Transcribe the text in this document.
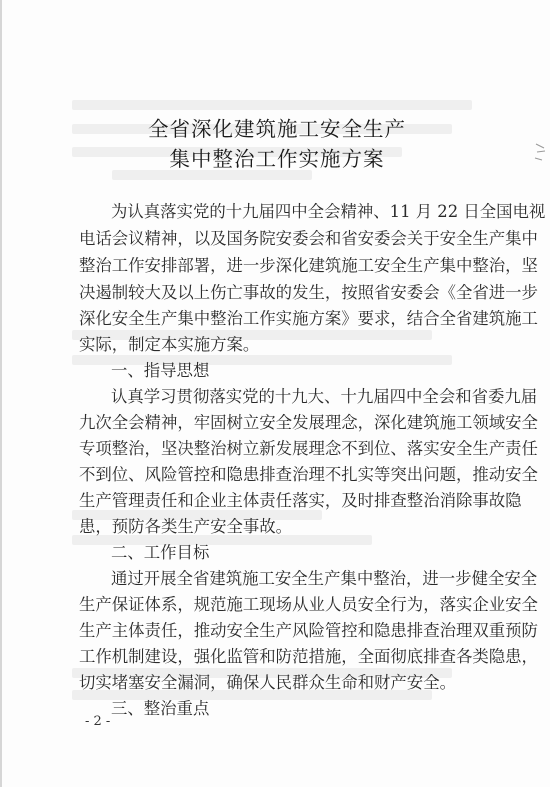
全省深化建筑施工安全生产
集中整治工作实施方案
为认真落实党的十九届四中全会精神、11 月 22 日全国电视
电话会议精神，以及国务院安委会和省安委会关于安全生产集中
整治工作安排部署，进一步深化建筑施工安全生产集中整治，坚
决遏制较大及以上伤亡事故的发生，按照省安委会《全省进一步
深化安全生产集中整治工作实施方案》要求，结合全省建筑施工
实际，制定本实施方案。
一、指导思想
认真学习贯彻落实党的十九大、十九届四中全会和省委九届
九次全会精神，牢固树立安全发展理念，深化建筑施工领域安全
专项整治，坚决整治树立新发展理念不到位、落实安全生产责任
不到位、风险管控和隐患排查治理不扎实等突出问题，推动安全
生产管理责任和企业主体责任落实，及时排查整治消除事故隐
患，预防各类生产安全事故。
二、工作目标
通过开展全省建筑施工安全生产集中整治，进一步健全安全
生产保证体系，规范施工现场从业人员安全行为，落实企业安全
生产主体责任，推动安全生产风险管控和隐患排查治理双重预防
工作机制建设，强化监管和防范措施，全面彻底排查各类隐患，
切实堵塞安全漏洞，确保人民群众生命和财产安全。
三、整治重点
- 2 -
